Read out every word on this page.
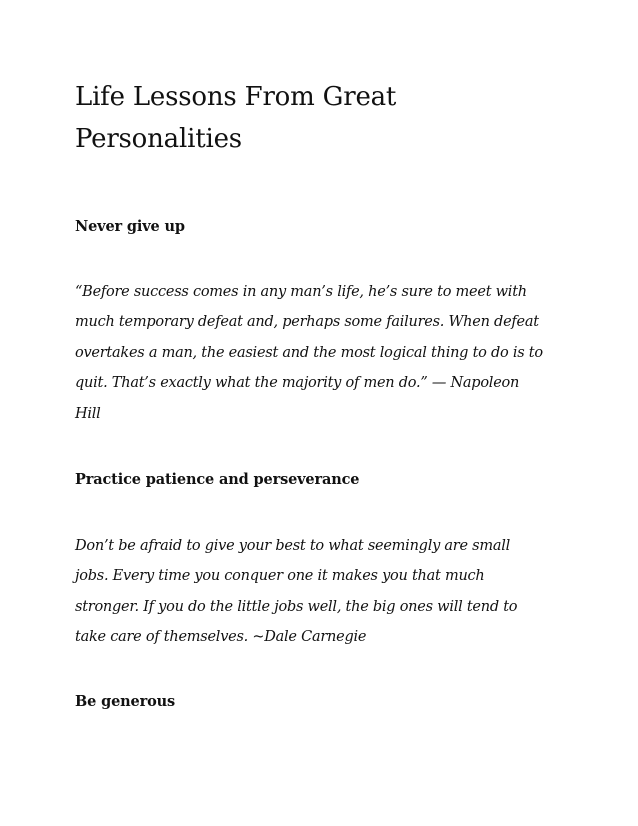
Life Lessons From Great
Personalities
Never give up
“Before success comes in any man’s life, he’s sure to meet with
much temporary defeat and, perhaps some failures. When defeat
overtakes a man, the easiest and the most logical thing to do is to
quit. That’s exactly what the majority of men do.” — Napoleon
Hill
Practice patience and perseverance
Don’t be afraid to give your best to what seemingly are small
jobs. Every time you conquer one it makes you that much
stronger. If you do the little jobs well, the big ones will tend to
take care of themselves. ~Dale Carnegie
Be generous
